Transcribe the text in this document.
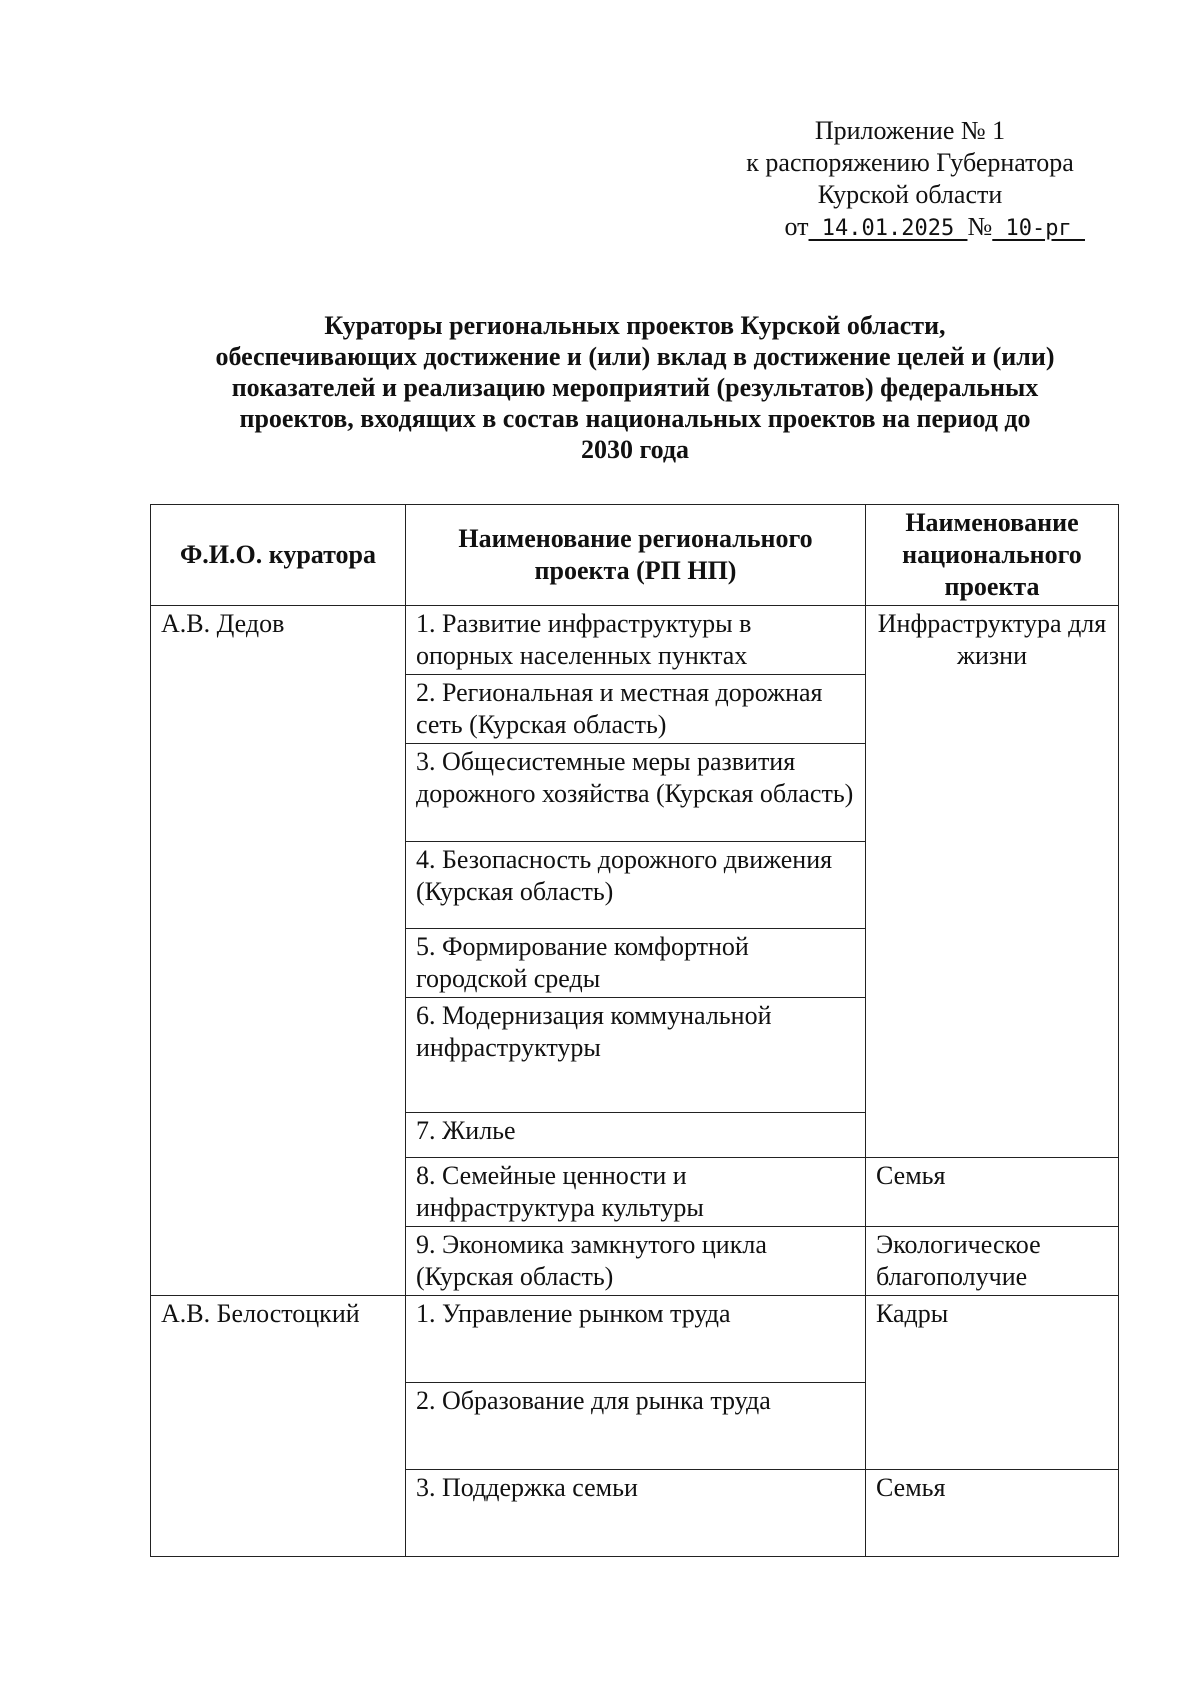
Приложение № 1
к распоряжению Губернатора
Курской области
от 14.01.2025 № 10-рг
Кураторы региональных проектов Курской области,
обеспечивающих достижение и (или) вклад в достижение целей и (или)
показателей и реализацию мероприятий (результатов) федеральных
проектов, входящих в состав национальных проектов на период до
2030 года
Ф.И.О. куратора	Наименование регионального проекта (РП НП)	Наименование национального проекта
А.В. Дедов	1. Развитие инфраструктуры в опорных населенных пунктах	Инфраструктура для жизни
	2. Региональная и местная дорожная сеть (Курская область)	
	3. Общесистемные меры развития дорожного хозяйства (Курская область)	
	4. Безопасность дорожного движения (Курская область)	
	5. Формирование комфортной городской среды	
	6. Модернизация коммунальной инфраструктуры	
	7. Жилье	
	8. Семейные ценности и инфраструктура культуры	Семья
	9. Экономика замкнутого цикла (Курская область)	Экологическое благополучие
А.В. Белостоцкий	1. Управление рынком труда	Кадры
	2. Образование для рынка труда	
	3. Поддержка семьи	Семья
